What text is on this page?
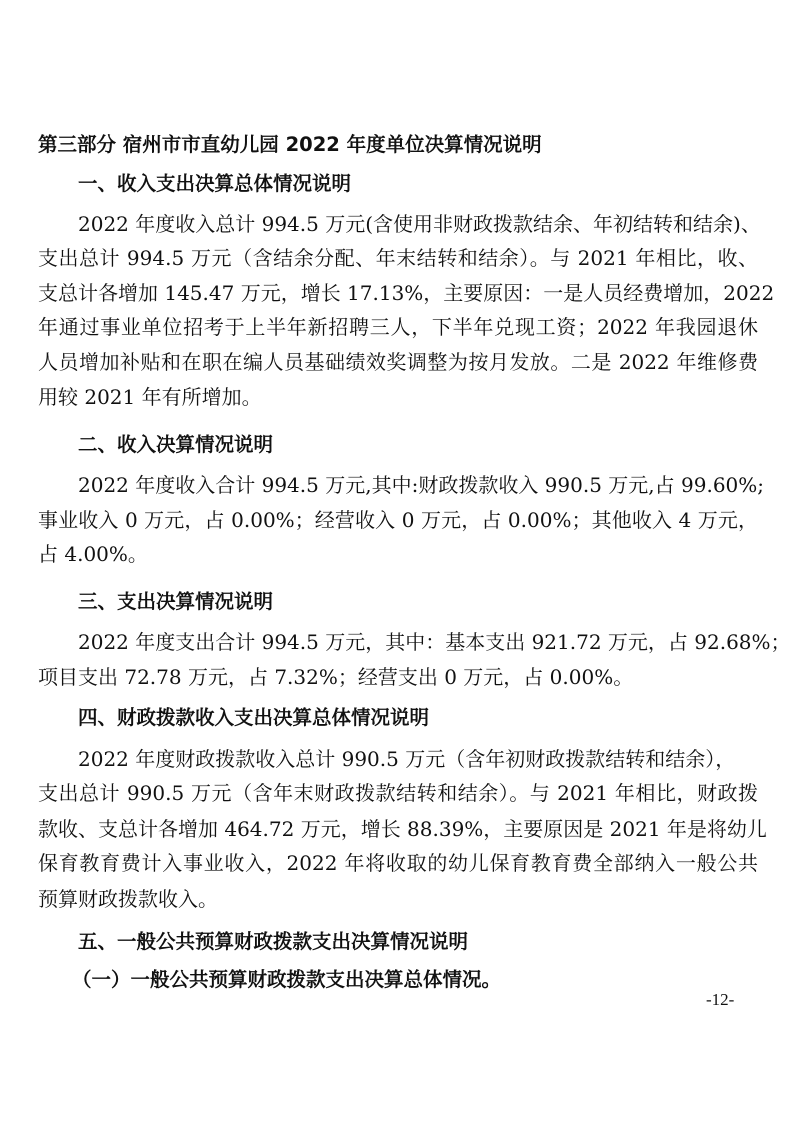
第三部分 宿州市市直幼儿园 2022 年度单位决算情况说明
一、收入支出决算总体情况说明
2022 年度收入总计 994.5 万元(含使用非财政拨款结余、年初结转和结余)、
支出总计 994.5 万元（含结余分配、年末结转和结余）。与 2021 年相比，收、
支总计各增加 145.47 万元，增长 17.13%，主要原因：一是人员经费增加，2022
年通过事业单位招考于上半年新招聘三人，下半年兑现工资；2022 年我园退休
人员增加补贴和在职在编人员基础绩效奖调整为按月发放。二是 2022 年维修费
用较 2021 年有所增加。
二、收入决算情况说明
2022 年度收入合计 994.5 万元,其中:财政拨款收入 990.5 万元,占 99.60%;
事业收入 0 万元，占 0.00%；经营收入 0 万元，占 0.00%；其他收入 4 万元，
占 4.00%。
三、支出决算情况说明
2022 年度支出合计 994.5 万元，其中：基本支出 921.72 万元，占 92.68%；
项目支出 72.78 万元，占 7.32%；经营支出 0 万元，占 0.00%。
四、财政拨款收入支出决算总体情况说明
2022 年度财政拨款收入总计 990.5 万元（含年初财政拨款结转和结余），
支出总计 990.5 万元（含年末财政拨款结转和结余）。与 2021 年相比，财政拨
款收、支总计各增加 464.72 万元，增长 88.39%，主要原因是 2021 年是将幼儿
保育教育费计入事业收入，2022 年将收取的幼儿保育教育费全部纳入一般公共
预算财政拨款收入。
五、一般公共预算财政拨款支出决算情况说明
（一）一般公共预算财政拨款支出决算总体情况。
-12-
